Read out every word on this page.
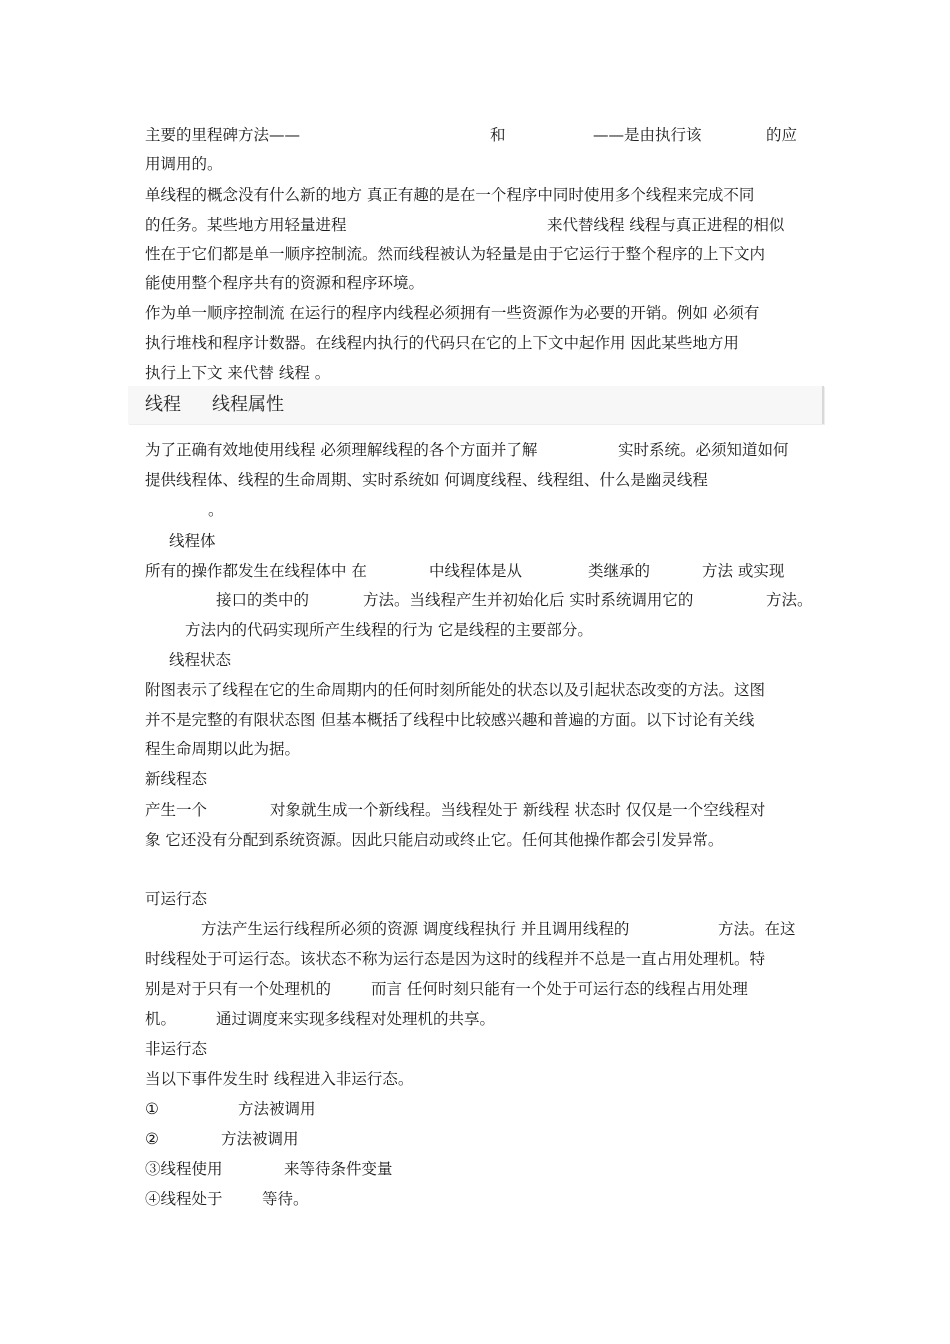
主要的里程碑方法——	和	——是由执行该	的应
用调用的。
单线程的概念没有什么新的地方 真正有趣的是在一个程序中同时使用多个线程来完成不同
的任务。某些地方用轻量进程	来代替线程 线程与真正进程的相似
性在于它们都是单一顺序控制流。然而线程被认为轻量是由于它运行于整个程序的上下文内
能使用整个程序共有的资源和程序环境。
作为单一顺序控制流 在运行的程序内线程必须拥有一些资源作为必要的开销。例如 必须有
执行堆栈和程序计数器。在线程内执行的代码只在它的上下文中起作用 因此某些地方用
执行上下文 来代替 线程 。
线程 线程属性
为了正确有效地使用线程 必须理解线程的各个方面并了解	实时系统。必须知道如何
提供线程体、线程的生命周期、实时系统如 何调度线程、线程组、什么是幽灵线程
。
线程体
所有的操作都发生在线程体中 在	中线程体是从	类继承的	方法 或实现
接口的类中的	方法。当线程产生并初始化后 实时系统调用它的	方法。
方法内的代码实现所产生线程的行为 它是线程的主要部分。
线程状态
附图表示了线程在它的生命周期内的任何时刻所能处的状态以及引起状态改变的方法。这图
并不是完整的有限状态图 但基本概括了线程中比较感兴趣和普遍的方面。以下讨论有关线
程生命周期以此为据。
新线程态
产生一个	对象就生成一个新线程。当线程处于 新线程 状态时 仅仅是一个空线程对
象 它还没有分配到系统资源。因此只能启动或终止它。任何其他操作都会引发异常。
可运行态
方法产生运行线程所必须的资源 调度线程执行 并且调用线程的	方法。在这
时线程处于可运行态。该状态不称为运行态是因为这时的线程并不总是一直占用处理机。特
别是对于只有一个处理机的	而言 任何时刻只能有一个处于可运行态的线程占用处理
机。	通过调度来实现多线程对处理机的共享。
非运行态
当以下事件发生时 线程进入非运行态。
①	方法被调用
②	方法被调用
③线程使用	来等待条件变量
④线程处于	等待。
